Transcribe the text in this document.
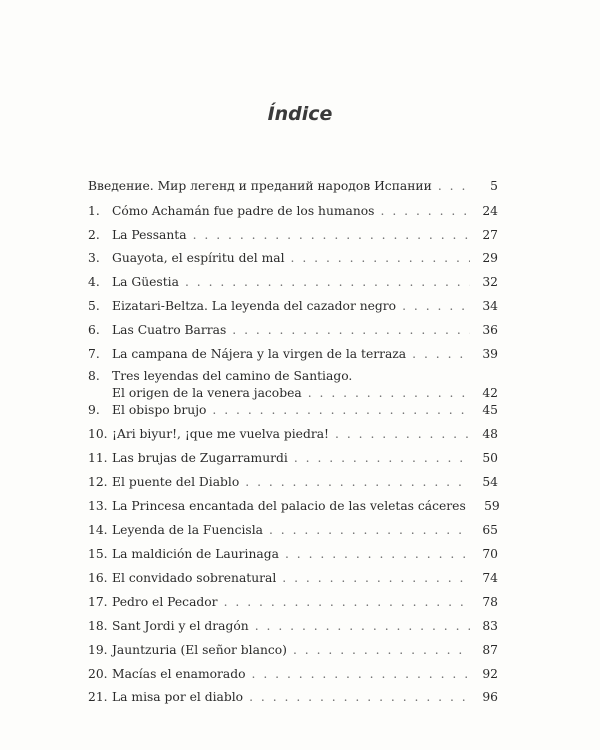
Índice
Введение. Мир легенд и преданий народов Испании . . .	5
1. Cómo Achamán fue padre de los humanos . . .	24
2. La Pessanta . . .	27
3. Guayota, el espíritu del mal . . .	29
4. La Güestia . . .	32
5. Eizatari-Beltza. La leyenda del cazador negro . . .	34
6. Las Cuatro Barras . . .	36
7. La campana de Nájera y la virgen de la terraza . . .	39
8. Tres leyendas del camino de Santiago.
El origen de la venera jacobea . . .	42
9. El obispo brujo . . .	45
10. ¡Ari biyur!, ¡que me vuelva piedra! . . .	48
11. Las brujas de Zugarramurdi . . .	50
12. El puente del Diablo . . .	54
13. La Princesa encantada del palacio de las veletas cáceres	59
14. Leyenda de la Fuencisla . . .	65
15. La maldición de Laurinaga . . .	70
16. El convidado sobrenatural . . .	74
17. Pedro el Pecador . . .	78
18. Sant Jordi y el dragón . . .	83
19. Jauntzuria (El señor blanco) . . .	87
20. Macías el enamorado . . .	92
21. La misa por el diablo . . .	96
